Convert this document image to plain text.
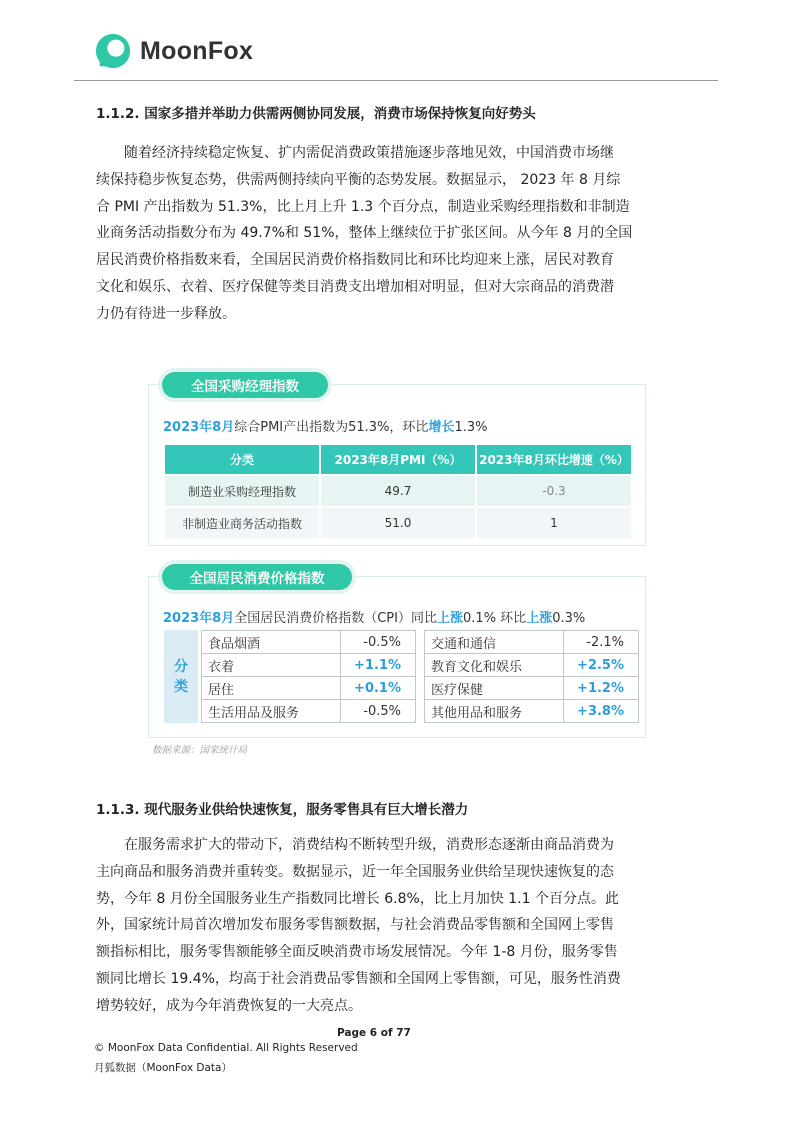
MoonFox
1.1.2. 国家多措并举助力供需两侧协同发展，消费市场保持恢复向好势头

随着经济持续稳定恢复、扩内需促消费政策措施逐步落地见效，中国消费市场继
续保持稳步恢复态势，供需两侧持续向平衡的态势发展。数据显示， 2023 年 8 月综
合 PMI 产出指数为 51.3%，比上月上升 1.3 个百分点，制造业采购经理指数和非制造
业商务活动指数分布为 49.7%和 51%，整体上继续位于扩张区间。从今年 8 月的全国
居民消费价格指数来看，全国居民消费价格指数同比和环比均迎来上涨，居民对教育
文化和娱乐、衣着、医疗保健等类目消费支出增加相对明显，但对大宗商品的消费潜
力仍有待进一步释放。

全国采购经理指数
2023年8月综合PMI产出指数为51.3%，环比增长1.3%
分类	2023年8月PMI（%）	2023年8月环比增速（%）
制造业采购经理指数	49.7	-0.3
非制造业商务活动指数	51.0	1
全国居民消费价格指数
2023年8月全国居民消费价格指数（CPI）同比上涨0.1% 环比上涨0.3%
分
类
食品烟酒	-0.5%		交通和通信	-2.1%
衣着	+1.1%		教育文化和娱乐	+2.5%
居住	+0.1%		医疗保健	+1.2%
生活用品及服务	-0.5%		其他用品和服务	+3.8%
数据来源：国家统计局
1.1.3. 现代服务业供给快速恢复，服务零售具有巨大增长潜力

在服务需求扩大的带动下，消费结构不断转型升级，消费形态逐渐由商品消费为
主向商品和服务消费并重转变。数据显示，近一年全国服务业供给呈现快速恢复的态
势，今年 8 月份全国服务业生产指数同比增长 6.8%，比上月加快 1.1 个百分点。此
外，国家统计局首次增加发布服务零售额数据，与社会消费品零售额和全国网上零售
额指标相比，服务零售额能够全面反映消费市场发展情况。今年 1-8 月份，服务零售
额同比增长 19.4%，均高于社会消费品零售额和全国网上零售额，可见，服务性消费
增势较好，成为今年消费恢复的一大亮点。

Page 6 of 77
© MoonFox Data Confidential. All Rights Reserved
月狐数据（MoonFox Data）
